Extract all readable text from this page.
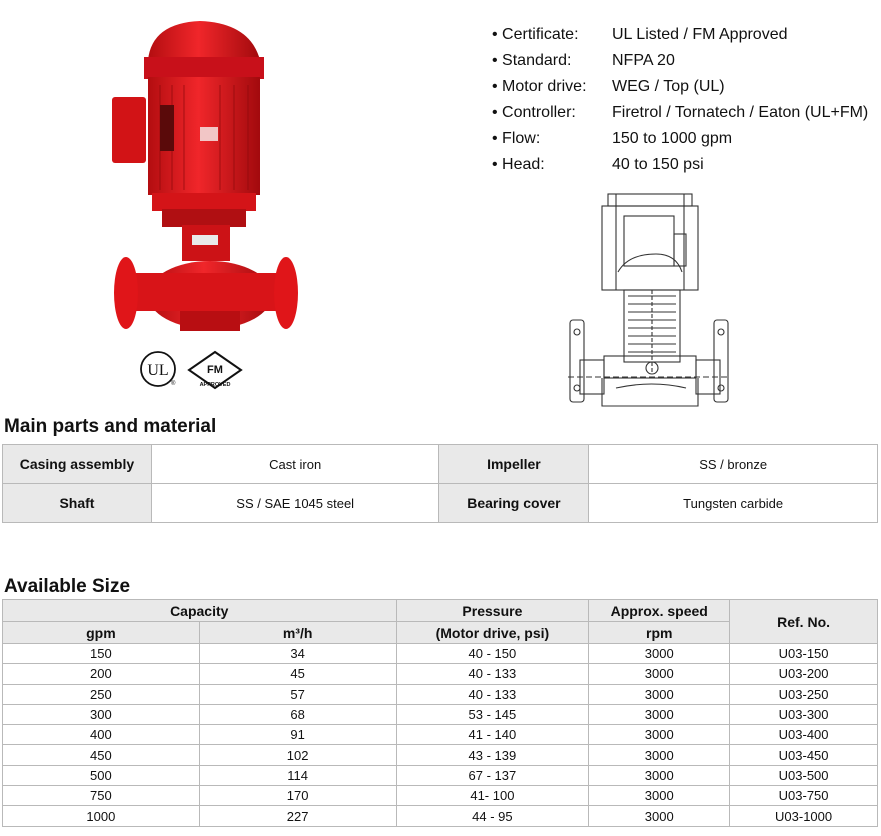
UL
®
FM
APPROVED
• Certificate:	UL Listed / FM Approved
• Standard:	NFPA 20
• Motor drive:	WEG / Top (UL)
• Controller:	Firetrol / Tornatech / Eaton (UL+FM)
• Flow:	150 to 1000 gpm
• Head:	40 to 150 psi
Main parts and material
Casing assembly	Cast iron	Impeller	SS / bronze
Shaft	SS / SAE 1045 steel	Bearing cover	Tungsten carbide
Available Size
Capacity		Pressure	Approx. speed	Ref. No.
gpm	m³/h	(Motor drive, psi)	rpm	
150	34	40 - 150	3000	U03-150
200	45	40 - 133	3000	U03-200
250	57	40 - 133	3000	U03-250
300	68	53 - 145	3000	U03-300
400	91	41 - 140	3000	U03-400
450	102	43 - 139	3000	U03-450
500	114	67 - 137	3000	U03-500
750	170	41- 100	3000	U03-750
1000	227	44 - 95	3000	U03-1000
